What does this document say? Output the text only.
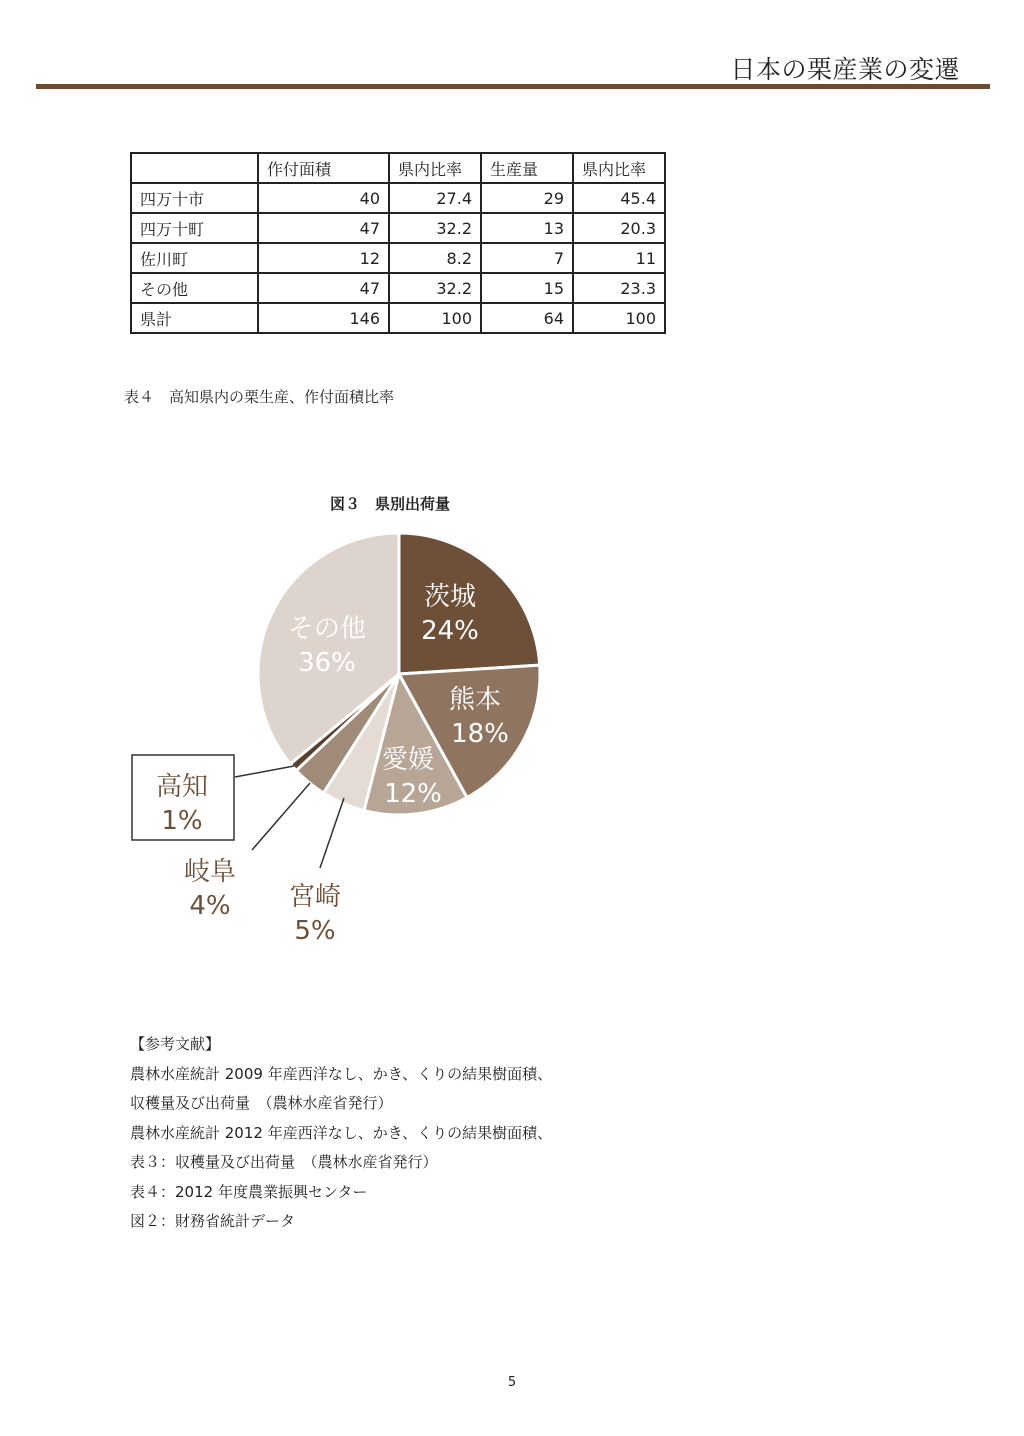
日本の栗産業の変遷
	作付面積	県内比率	生産量	県内比率
四万十市	40	27.4	29	45.4
四万十町	47	32.2	13	20.3
佐川町	12	8.2	7	11
その他	47	32.2	15	23.3
県計	146	100	64	100
表４　高知県内の栗生産、作付面積比率
図３　県別出荷量
茨城
24%
熊本
18%
愛媛
12%
宮崎
5%
岐阜
4%
高知
1%
その他
36%
【参考文献】
農林水産統計 2009 年産西洋なし、かき、くりの結果樹面積、
収穫量及び出荷量　（農林水産省発行）
農林水産統計 2012 年産西洋なし、かき、くりの結果樹面積、
表３：収穫量及び出荷量　（農林水産省発行）
表４：2012 年度農業振興センター
図２：財務省統計データ
5
